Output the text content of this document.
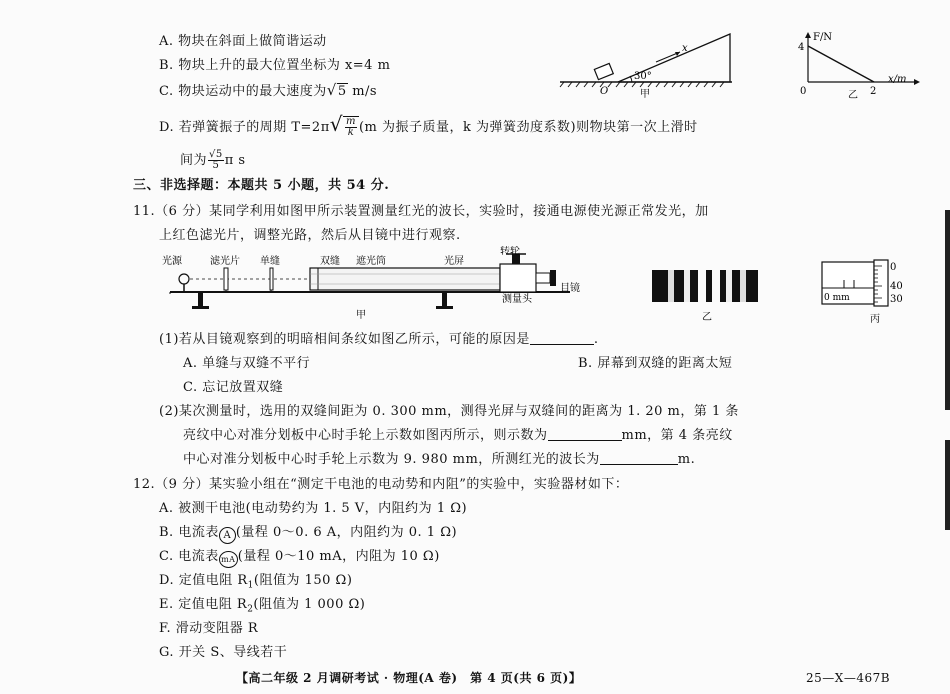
A. 物块在斜面上做简谐运动
B. 物块上升的最大位置坐标为 x=4 m
C. 物块运动中的最大速度为√5 m/s
D. 若弹簧振子的周期 $T=2\pi√ \frac{m}{k} (m$ 为振子质量，k 为弹簧劲度系数)则物块第一次上滑时
间为 $\frac{√5}{5}$ π s
x
30°
O	甲
F/N
4
0	2
x/m
乙
三、非选择题：本题共 5 小题，共 54 分.
11.（6 分）某同学利用如图甲所示装置测量红光的波长，实验时，接通电源使光源正常发光，加
上红色滤光片，调整光路，然后从目镜中进行观察.
光源	滤光片 单缝	双缝 遮光筒	光屏
转轮
目镜
测量头
甲	乙
0
40
30
0 mm
丙
(1)若从目镜观察到的明暗相间条纹如图乙所示，可能的原因是	.
A. 单缝与双缝不平行	B. 屏幕到双缝的距离太短
C. 忘记放置双缝
(2)某次测量时，选用的双缝间距为 0. 300 mm，测得光屏与双缝间的距离为 1. 20 m，第 1 条
亮纹中心对准分划板中心时手轮上示数如图丙所示，则示数为	mm，第 4 条亮纹
中心对准分划板中心时手轮上示数为 9. 980 mm，所测红光的波长为	m.
12.（9 分）某实验小组在“测定干电池的电动势和内阻”的实验中，实验器材如下：
A. 被测干电池(电动势约为 1. 5 V，内阻约为 1 Ω)
B. 电流表 A (量程 0～0. 6 A，内阻约为 0. 1 Ω)
C. 电流表 mA (量程 0～10 mA，内阻为 10 Ω)
D. 定值电阻 $R_1$(阻值为 150 Ω)
E. 定值电阻 $R_2$(阻值为 1 000 Ω)
F. 滑动变阻器 R
G. 开关 S、导线若干
【高二年级 2 月调研考试 · 物理(A 卷)　第 4 页(共 6 页)】	25—X—467B
